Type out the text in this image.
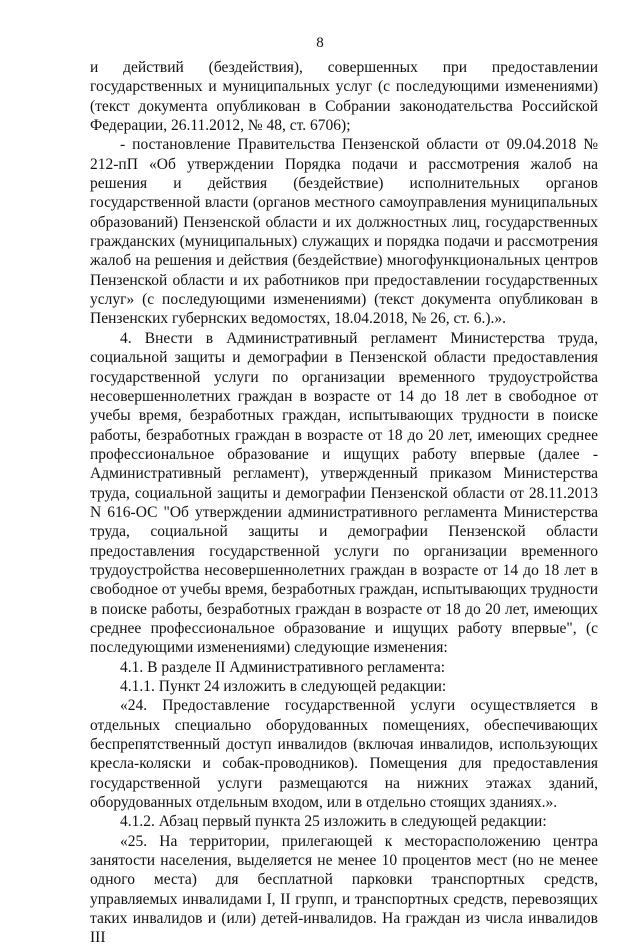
8

и действий (бездействия), совершенных при предоставлении государственных и муниципальных услуг (с последующими изменениями) (текст документа опубликован в Собрании законодательства Российской Федерации, 26.11.2012, № 48, ст. 6706);

- постановление Правительства Пензенской области от 09.04.2018 № 212-пП «Об утверждении Порядка подачи и рассмотрения жалоб на решения и действия (бездействие) исполнительных органов государственной власти (органов местного самоуправления муниципальных образований) Пензенской области и их должностных лиц, государственных гражданских (муниципальных) служащих и порядка подачи и рассмотрения жалоб на решения и действия (бездействие) многофункциональных центров Пензенской области и их работников при предоставлении государственных услуг» (с последующими изменениями) (текст документа опубликован в Пензенских губернских ведомостях, 18.04.2018, № 26, ст. 6.).».

4. Внести в Административный регламент Министерства труда, социальной защиты и демографии в Пензенской области предоставления государственной услуги по организации временного трудоустройства несовершеннолетних граждан в возрасте от 14 до 18 лет в свободное от учебы время, безработных граждан, испытывающих трудности в поиске работы, безработных граждан в возрасте от 18 до 20 лет, имеющих среднее профессиональное образование и ищущих работу впервые (далее - Административный регламент), утвержденный приказом Министерства труда, социальной защиты и демографии Пензенской области от 28.11.2013 N 616-ОС "Об утверждении административного регламента Министерства труда, социальной защиты и демографии Пензенской области предоставления государственной услуги по организации временного трудоустройства несовершеннолетних граждан в возрасте от 14 до 18 лет в свободное от учебы время, безработных граждан, испытывающих трудности в поиске работы, безработных граждан в возрасте от 18 до 20 лет, имеющих среднее профессиональное образование и ищущих работу впервые", (с последующими изменениями) следующие изменения:

4.1. В разделе II Административного регламента:

4.1.1. Пункт 24 изложить в следующей редакции:

«24. Предоставление государственной услуги осуществляется в отдельных специально оборудованных помещениях, обеспечивающих беспрепятственный доступ инвалидов (включая инвалидов, использующих кресла-коляски и собак-проводников). Помещения для предоставления государственной услуги размещаются на нижних этажах зданий, оборудованных отдельным входом, или в отдельно стоящих зданиях.».

4.1.2. Абзац первый пункта 25 изложить в следующей редакции:

«25. На территории, прилегающей к месторасположению центра занятости населения, выделяется не менее 10 процентов мест (но не менее одного места) для бесплатной парковки транспортных средств, управляемых инвалидами I, II групп, и транспортных средств, перевозящих таких инвалидов и (или) детей-инвалидов. На граждан из числа инвалидов III
